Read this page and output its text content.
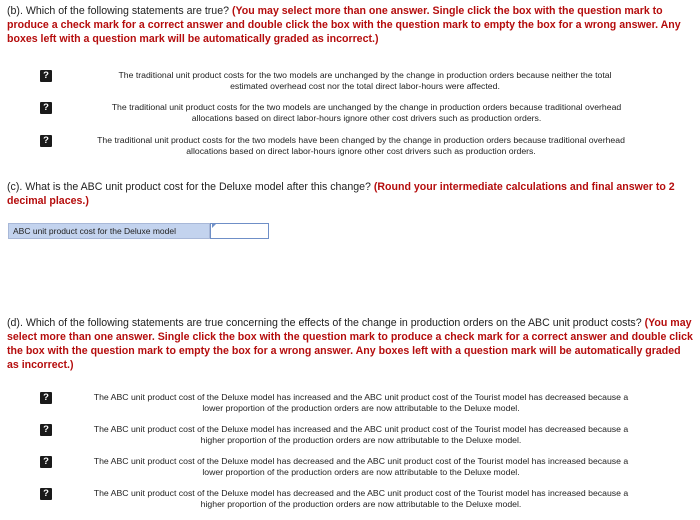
(b). Which of the following statements are true? (You may select more than one answer. Single click the box with the question mark to produce a check mark for a correct answer and double click the box with the question mark to empty the box for a wrong answer. Any boxes left with a question mark will be automatically graded as incorrect.)
?	The traditional unit product costs for the two models are unchanged by the change in production orders because neither the total
estimated overhead cost nor the total direct labor-hours were affected.
?	The traditional unit product costs for the two models are unchanged by the change in production orders because traditional overhead
allocations based on direct labor-hours ignore other cost drivers such as production orders.
?	The traditional unit product costs for the two models have been changed by the change in production orders because traditional overhead
allocations based on direct labor-hours ignore other cost drivers such as production orders.
(c). What is the ABC unit product cost for the Deluxe model after this change? (Round your intermediate calculations and final answer to 2 decimal places.)
ABC unit product cost for the Deluxe model
(d). Which of the following statements are true concerning the effects of the change in production orders on the ABC unit product costs? (You may select more than one answer. Single click the box with the question mark to produce a check mark for a correct answer and double click the box with the question mark to empty the box for a wrong answer. Any boxes left with a question mark will be automatically graded as incorrect.)
?	The ABC unit product cost of the Deluxe model has increased and the ABC unit product cost of the Tourist model has decreased because a
lower proportion of the production orders are now attributable to the Deluxe model.
?	The ABC unit product cost of the Deluxe model has increased and the ABC unit product cost of the Tourist model has decreased because a
higher proportion of the production orders are now attributable to the Deluxe model.
?	The ABC unit product cost of the Deluxe model has decreased and the ABC unit product cost of the Tourist model has increased because a
lower proportion of the production orders are now attributable to the Deluxe model.
?	The ABC unit product cost of the Deluxe model has decreased and the ABC unit product cost of the Tourist model has increased because a
higher proportion of the production orders are now attributable to the Deluxe model.
